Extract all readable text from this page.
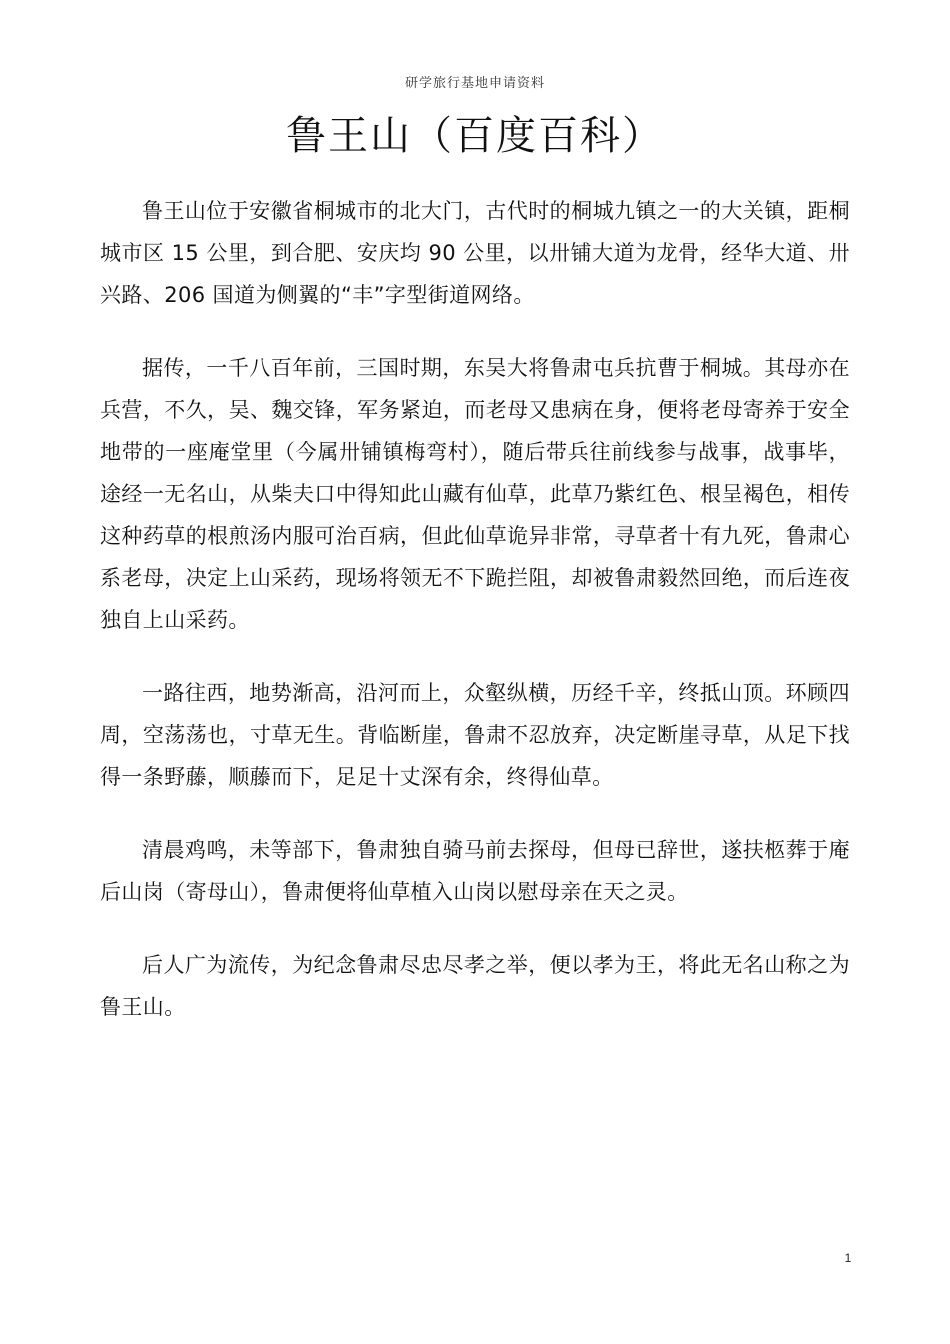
研学旅行基地申请资料
鲁王山（百度百科）

鲁王山位于安徽省桐城市的北大门，古代时的桐城九镇之一的大关镇，距桐城市区 15 公里，到合肥、安庆均 90 公里，以卅铺大道为龙骨，经华大道、卅兴路、206 国道为侧翼的“丰”字型街道网络。

据传，一千八百年前，三国时期，东吴大将鲁肃屯兵抗曹于桐城。其母亦在兵营，不久，吴、魏交锋，军务紧迫，而老母又患病在身，便将老母寄养于安全地带的一座庵堂里（今属卅铺镇梅弯村），随后带兵往前线参与战事，战事毕，途经一无名山，从柴夫口中得知此山藏有仙草，此草乃紫红色、根呈褐色，相传这种药草的根煎汤内服可治百病，但此仙草诡异非常，寻草者十有九死，鲁肃心系老母，决定上山采药，现场将领无不下跪拦阻，却被鲁肃毅然回绝，而后连夜独自上山采药。

一路往西，地势渐高，沿河而上，众壑纵横，历经千辛，终抵山顶。环顾四周，空荡荡也，寸草无生。背临断崖，鲁肃不忍放弃，决定断崖寻草，从足下找得一条野藤，顺藤而下，足足十丈深有余，终得仙草。

清晨鸡鸣，未等部下，鲁肃独自骑马前去探母，但母已辞世，遂扶柩葬于庵后山岗（寄母山），鲁肃便将仙草植入山岗以慰母亲在天之灵。

后人广为流传，为纪念鲁肃尽忠尽孝之举，便以孝为王，将此无名山称之为鲁王山。

1
